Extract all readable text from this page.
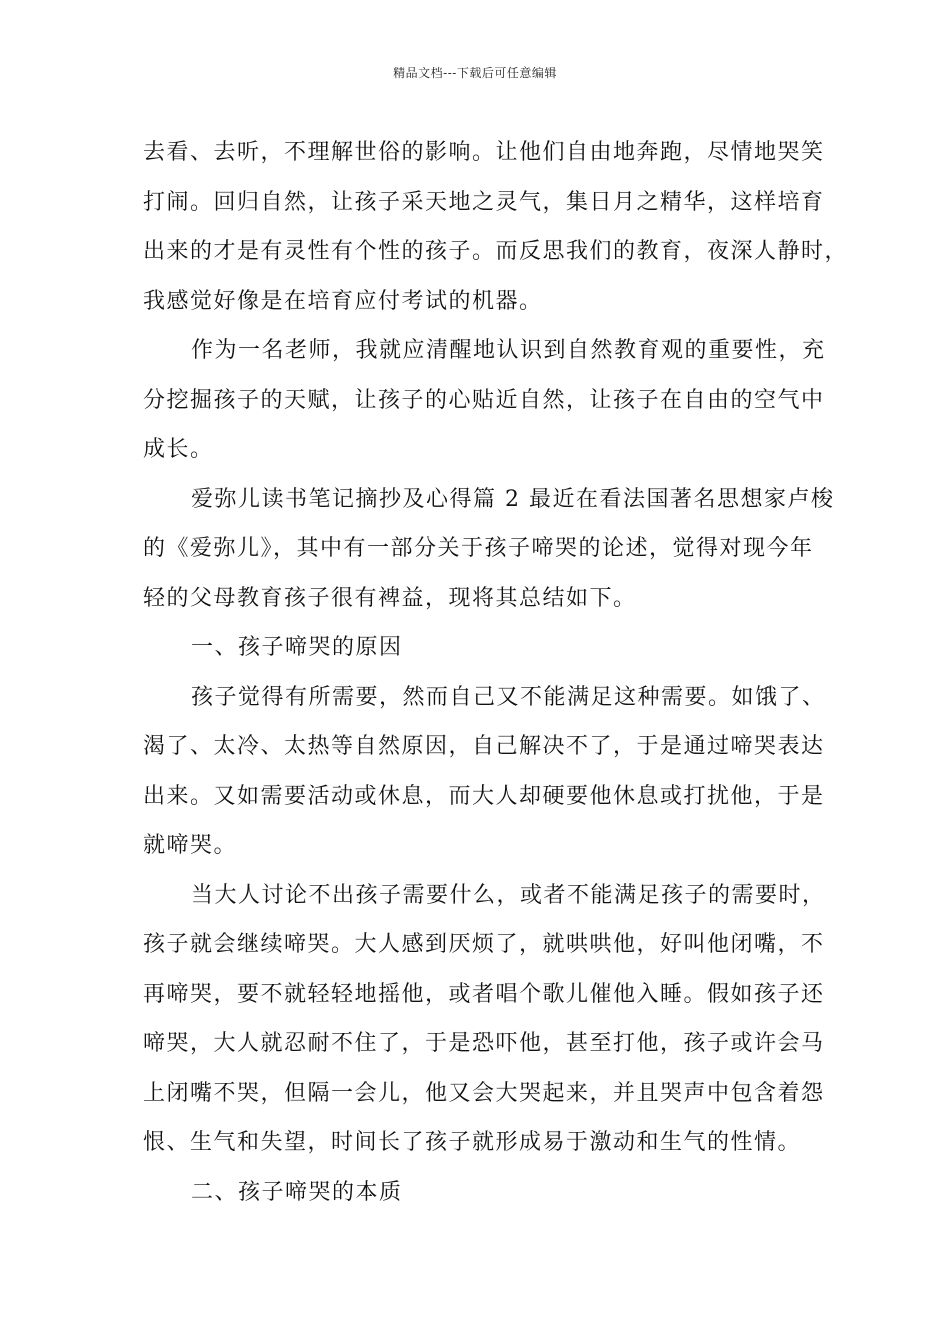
精品文档---下载后可任意编辑
去看、去听，不理解世俗的影响。让他们自由地奔跑，尽情地哭笑
打闹。回归自然，让孩子采天地之灵气，集日月之精华，这样培育
出来的才是有灵性有个性的孩子。而反思我们的教育，夜深人静时，
我感觉好像是在培育应付考试的机器。
作为一名老师，我就应清醒地认识到自然教育观的重要性，充
分挖掘孩子的天赋，让孩子的心贴近自然，让孩子在自由的空气中
成长。
爱弥儿读书笔记摘抄及心得篇 2 最近在看法国著名思想家卢梭
的《爱弥儿》，其中有一部分关于孩子啼哭的论述，觉得对现今年
轻的父母教育孩子很有裨益，现将其总结如下。
一、孩子啼哭的原因
孩子觉得有所需要，然而自己又不能满足这种需要。如饿了、
渴了、太冷、太热等自然原因，自己解决不了，于是通过啼哭表达
出来。又如需要活动或休息，而大人却硬要他休息或打扰他，于是
就啼哭。
当大人讨论不出孩子需要什么，或者不能满足孩子的需要时，
孩子就会继续啼哭。大人感到厌烦了，就哄哄他，好叫他闭嘴，不
再啼哭，要不就轻轻地摇他，或者唱个歌儿催他入睡。假如孩子还
啼哭，大人就忍耐不住了，于是恐吓他，甚至打他，孩子或许会马
上闭嘴不哭，但隔一会儿，他又会大哭起来，并且哭声中包含着怨
恨、生气和失望，时间长了孩子就形成易于激动和生气的性情。
二、孩子啼哭的本质
